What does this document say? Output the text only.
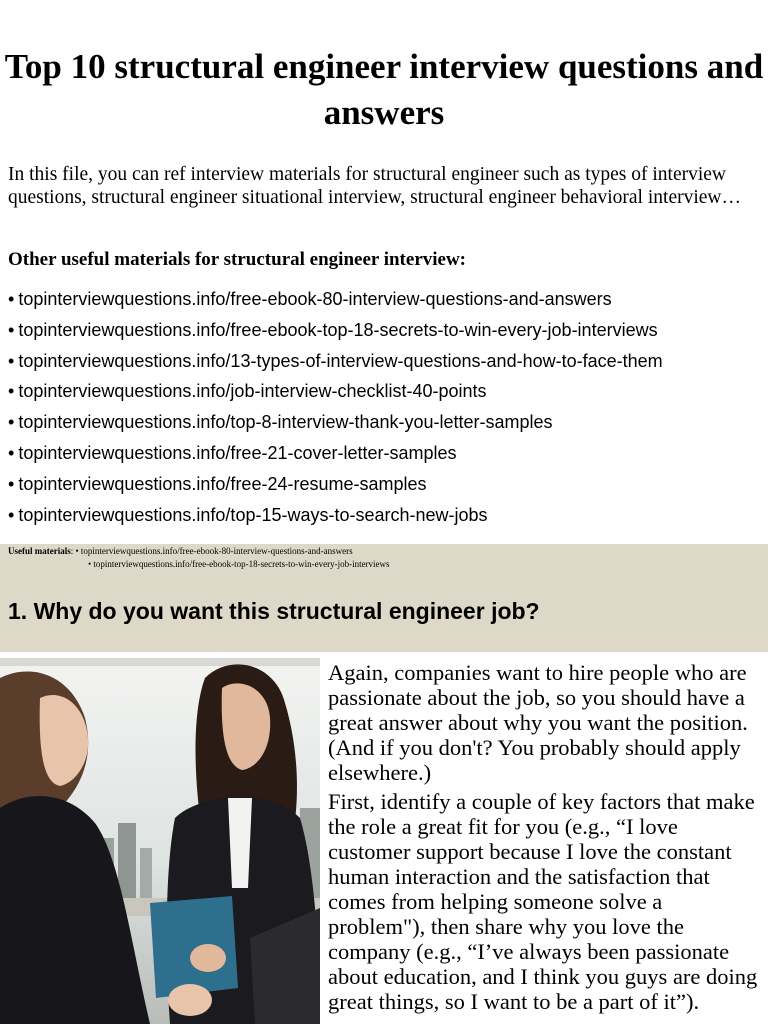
Top 10 structural engineer interview questions and answers
In this file, you can ref interview materials for structural engineer such as types of interview questions, structural engineer situational interview, structural engineer behavioral interview…
Other useful materials for structural engineer interview:
• topinterviewquestions.info/free-ebook-80-interview-questions-and-answers
• topinterviewquestions.info/free-ebook-top-18-secrets-to-win-every-job-interviews
• topinterviewquestions.info/13-types-of-interview-questions-and-how-to-face-them
• topinterviewquestions.info/job-interview-checklist-40-points
• topinterviewquestions.info/top-8-interview-thank-you-letter-samples
• topinterviewquestions.info/free-21-cover-letter-samples
• topinterviewquestions.info/free-24-resume-samples
• topinterviewquestions.info/top-15-ways-to-search-new-jobs
Useful materials: • topinterviewquestions.info/free-ebook-80-interview-questions-and-answers
• topinterviewquestions.info/free-ebook-top-18-secrets-to-win-every-job-interviews
1. Why do you want this structural engineer job?

Again, companies want to hire people who are passionate about the job, so you should have a great answer about why you want the position. (And if you don't? You probably should apply elsewhere.)

First, identify a couple of key factors that make the role a great fit for you (e.g., “I love customer support because I love the constant human interaction and the satisfaction that comes from helping someone solve a problem"), then share why you love the company (e.g., “I’ve always been passionate about education, and I think you guys are doing great things, so I want to be a part of it”).
